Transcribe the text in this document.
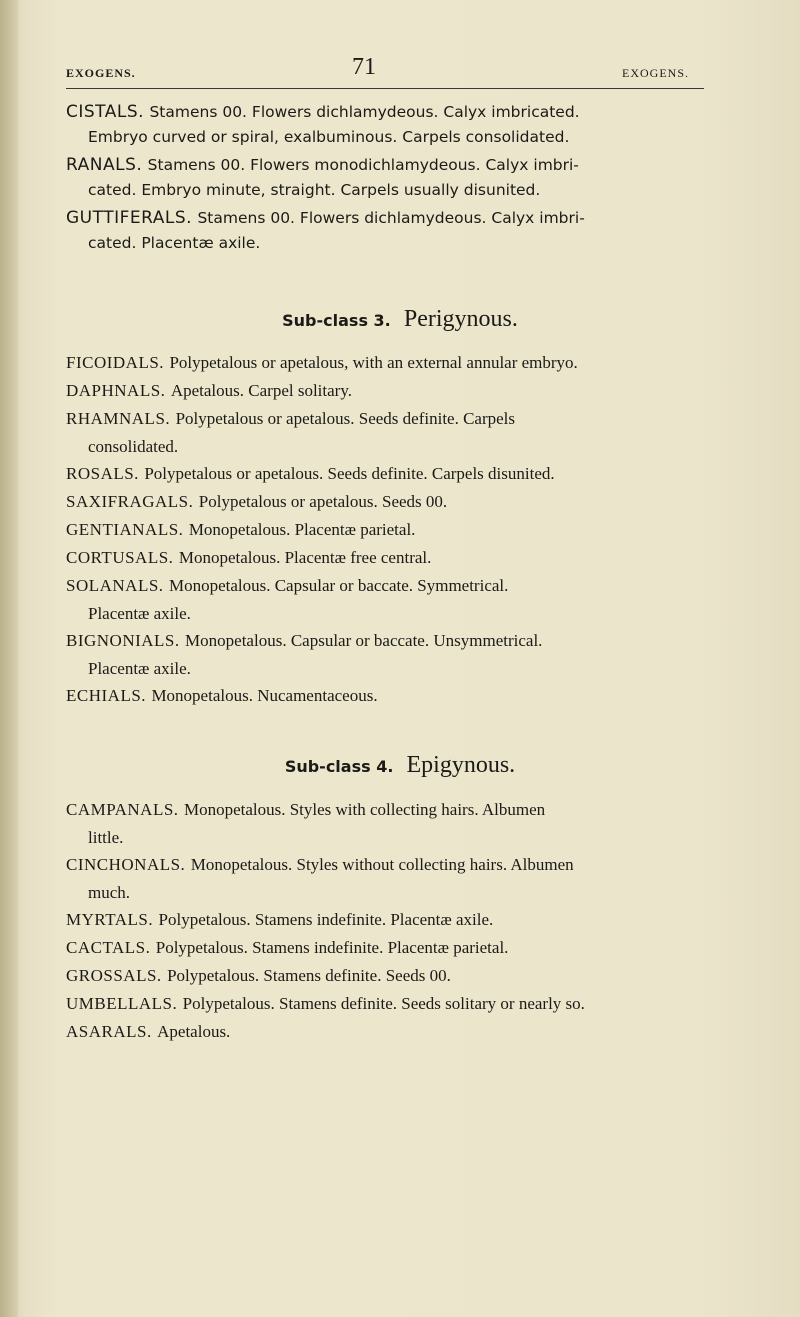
EXOGENS.	71	EXOGENS.

CISTALS. Stamens 00. Flowers dichlamydeous. Calyx imbricated.
Embryo curved or spiral, exalbuminous. Carpels consolidated.

RANALS. Stamens 00. Flowers monodichlamydeous. Calyx imbri-
cated. Embryo minute, straight. Carpels usually disunited.

GUTTIFERALS. Stamens 00. Flowers dichlamydeous. Calyx imbri-
cated. Placentæ axile.

Sub-class 3. Perigynous.

FICOIDALS. Polypetalous or apetalous, with an external annular embryo.

DAPHNALS. Apetalous. Carpel solitary.

RHAMNALS. Polypetalous or apetalous. Seeds definite. Carpels
consolidated.

ROSALS. Polypetalous or apetalous. Seeds definite. Carpels disunited.

SAXIFRAGALS. Polypetalous or apetalous. Seeds 00.

GENTIANALS. Monopetalous. Placentæ parietal.

CORTUSALS. Monopetalous. Placentæ free central.

SOLANALS. Monopetalous. Capsular or baccate. Symmetrical.
Placentæ axile.

BIGNONIALS. Monopetalous. Capsular or baccate. Unsymmetrical.
Placentæ axile.

ECHIALS. Monopetalous. Nucamentaceous.

Sub-class 4. Epigynous.

CAMPANALS. Monopetalous. Styles with collecting hairs. Albumen
little.

CINCHONALS. Monopetalous. Styles without collecting hairs. Albumen
much.

MYRTALS. Polypetalous. Stamens indefinite. Placentæ axile.

CACTALS. Polypetalous. Stamens indefinite. Placentæ parietal.

GROSSALS. Polypetalous. Stamens definite. Seeds 00.

UMBELLALS. Polypetalous. Stamens definite. Seeds solitary or nearly so.

ASARALS. Apetalous.
